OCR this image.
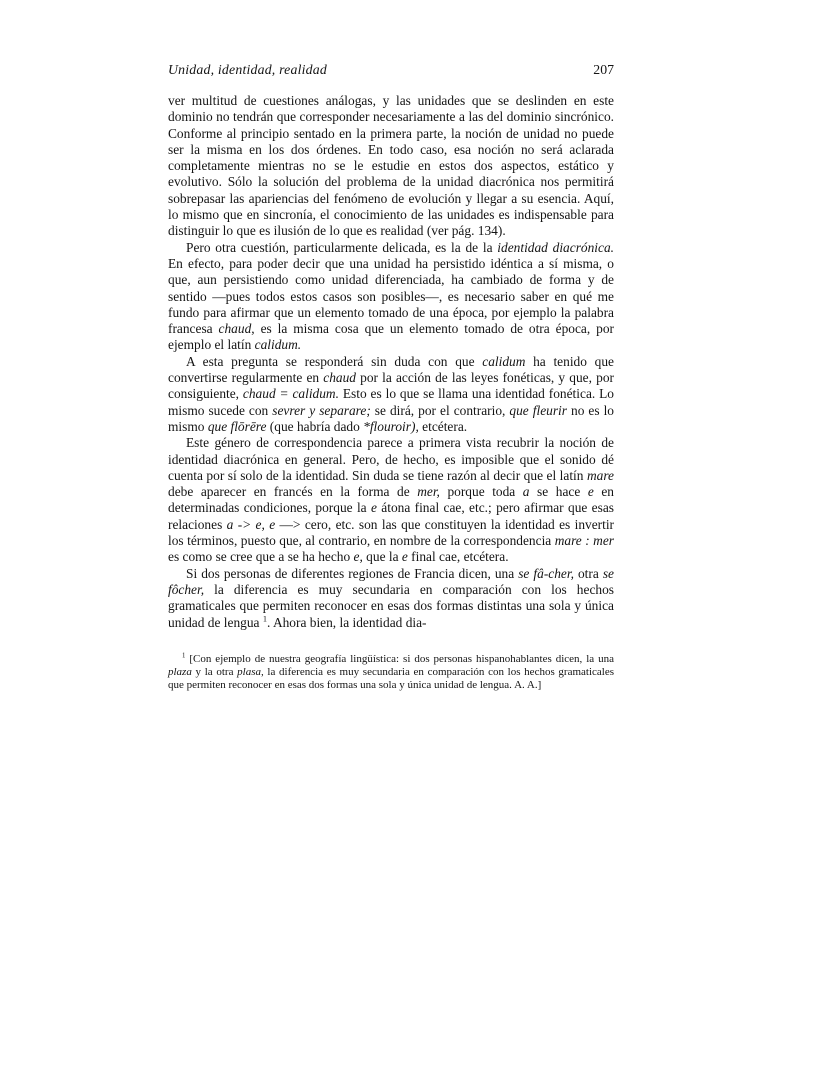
Unidad, identidad, realidad	207

ver multitud de cuestiones análogas, y las unidades que se deslinden en este dominio no tendrán que corresponder necesariamente a las del dominio sincrónico. Conforme al principio sentado en la primera parte, la noción de unidad no puede ser la misma en los dos órdenes. En todo caso, esa noción no será aclarada completamente mientras no se le estudie en estos dos aspectos, estático y evolutivo. Sólo la solución del problema de la unidad diacrónica nos permitirá sobrepasar las apariencias del fenómeno de evolución y llegar a su esencia. Aquí, lo mismo que en sincronía, el conocimiento de las unidades es indispensable para distinguir lo que es ilusión de lo que es realidad (ver pág. 134).

Pero otra cuestión, particularmente delicada, es la de la identidad diacrónica. En efecto, para poder decir que una unidad ha persistido idéntica a sí misma, o que, aun persistiendo como unidad diferenciada, ha cambiado de forma y de sentido —pues todos estos casos son posibles—, es necesario saber en qué me fundo para afirmar que un elemento tomado de una época, por ejemplo la palabra francesa chaud, es la misma cosa que un elemento tomado de otra época, por ejemplo el latín calidum.

A esta pregunta se responderá sin duda con que calidum ha tenido que convertirse regularmente en chaud por la acción de las leyes fonéticas, y que, por consiguiente, chaud = calidum. Esto es lo que se llama una identidad fonética. Lo mismo sucede con sevrer y separare; se dirá, por el contrario, que fleurir no es lo mismo que flōrēre (que habría dado *flouroir), etcétera.

Este género de correspondencia parece a primera vista recubrir la noción de identidad diacrónica en general. Pero, de hecho, es imposible que el sonido dé cuenta por sí solo de la identidad. Sin duda se tiene razón al decir que el latín mare debe aparecer en francés en la forma de mer, porque toda a se hace e en determinadas condiciones, porque la e átona final cae, etc.; pero afirmar que esas relaciones a -> e, e —> cero, etc. son las que constituyen la identidad es invertir los términos, puesto que, al contrario, en nombre de la correspondencia mare : mer es como se cree que a se ha hecho e, que la e final cae, etcétera.

Si dos personas de diferentes regiones de Francia dicen, una se fâ-cher, otra se fôcher, la diferencia es muy secundaria en comparación con los hechos gramaticales que permiten reconocer en esas dos formas distintas una sola y única unidad de lengua $^1$. Ahora bien, la identidad dia-

$^1$ [Con ejemplo de nuestra geografía lingüística: si dos personas hispanohablantes dicen, la una plaza y la otra plasa, la diferencia es muy secundaria en comparación con los hechos gramaticales que permiten reconocer en esas dos formas una sola y única unidad de lengua. A. A.]
